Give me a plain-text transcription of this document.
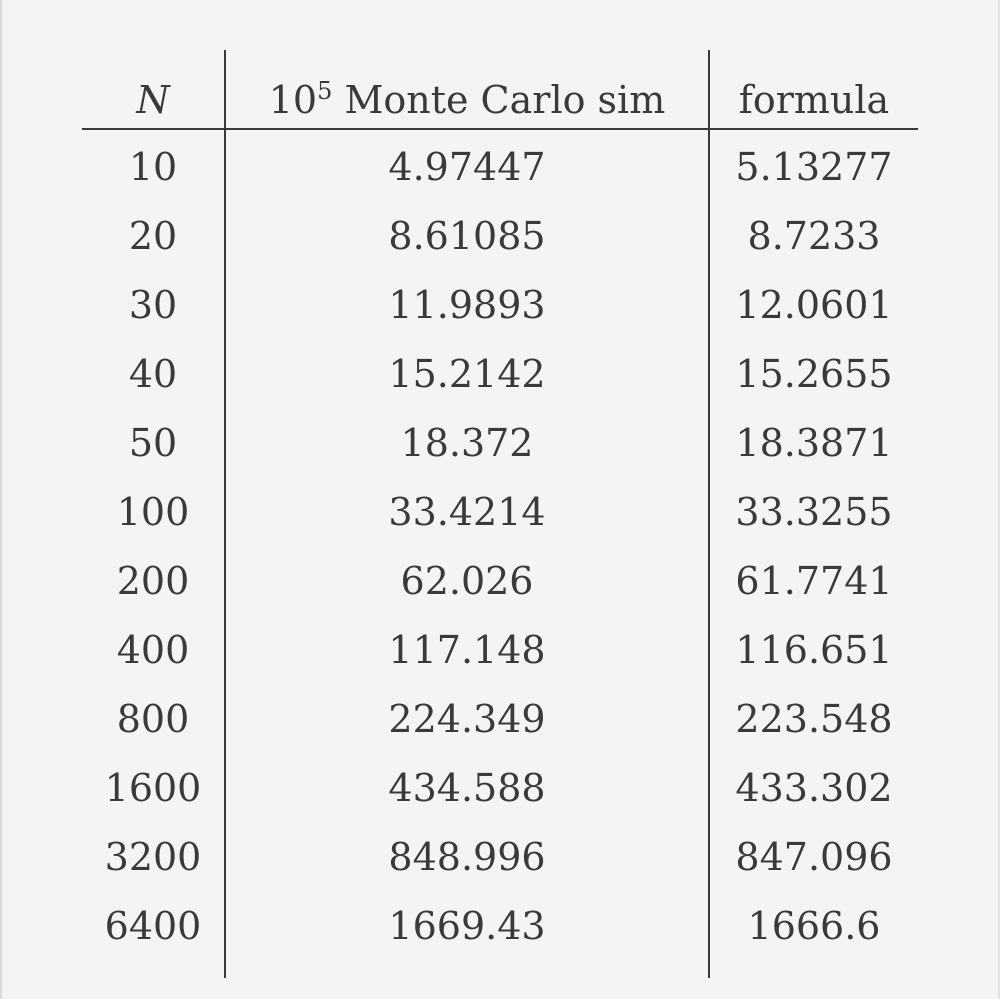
N	$10^5$ Monte Carlo sim	formula
10	4.97447	5.13277
20	8.61085	8.7233
30	11.9893	12.0601
40	15.2142	15.2655
50	18.372	18.3871
100	33.4214	33.3255
200	62.026	61.7741
400	117.148	116.651
800	224.349	223.548
1600	434.588	433.302
3200	848.996	847.096
6400	1669.43	1666.6
